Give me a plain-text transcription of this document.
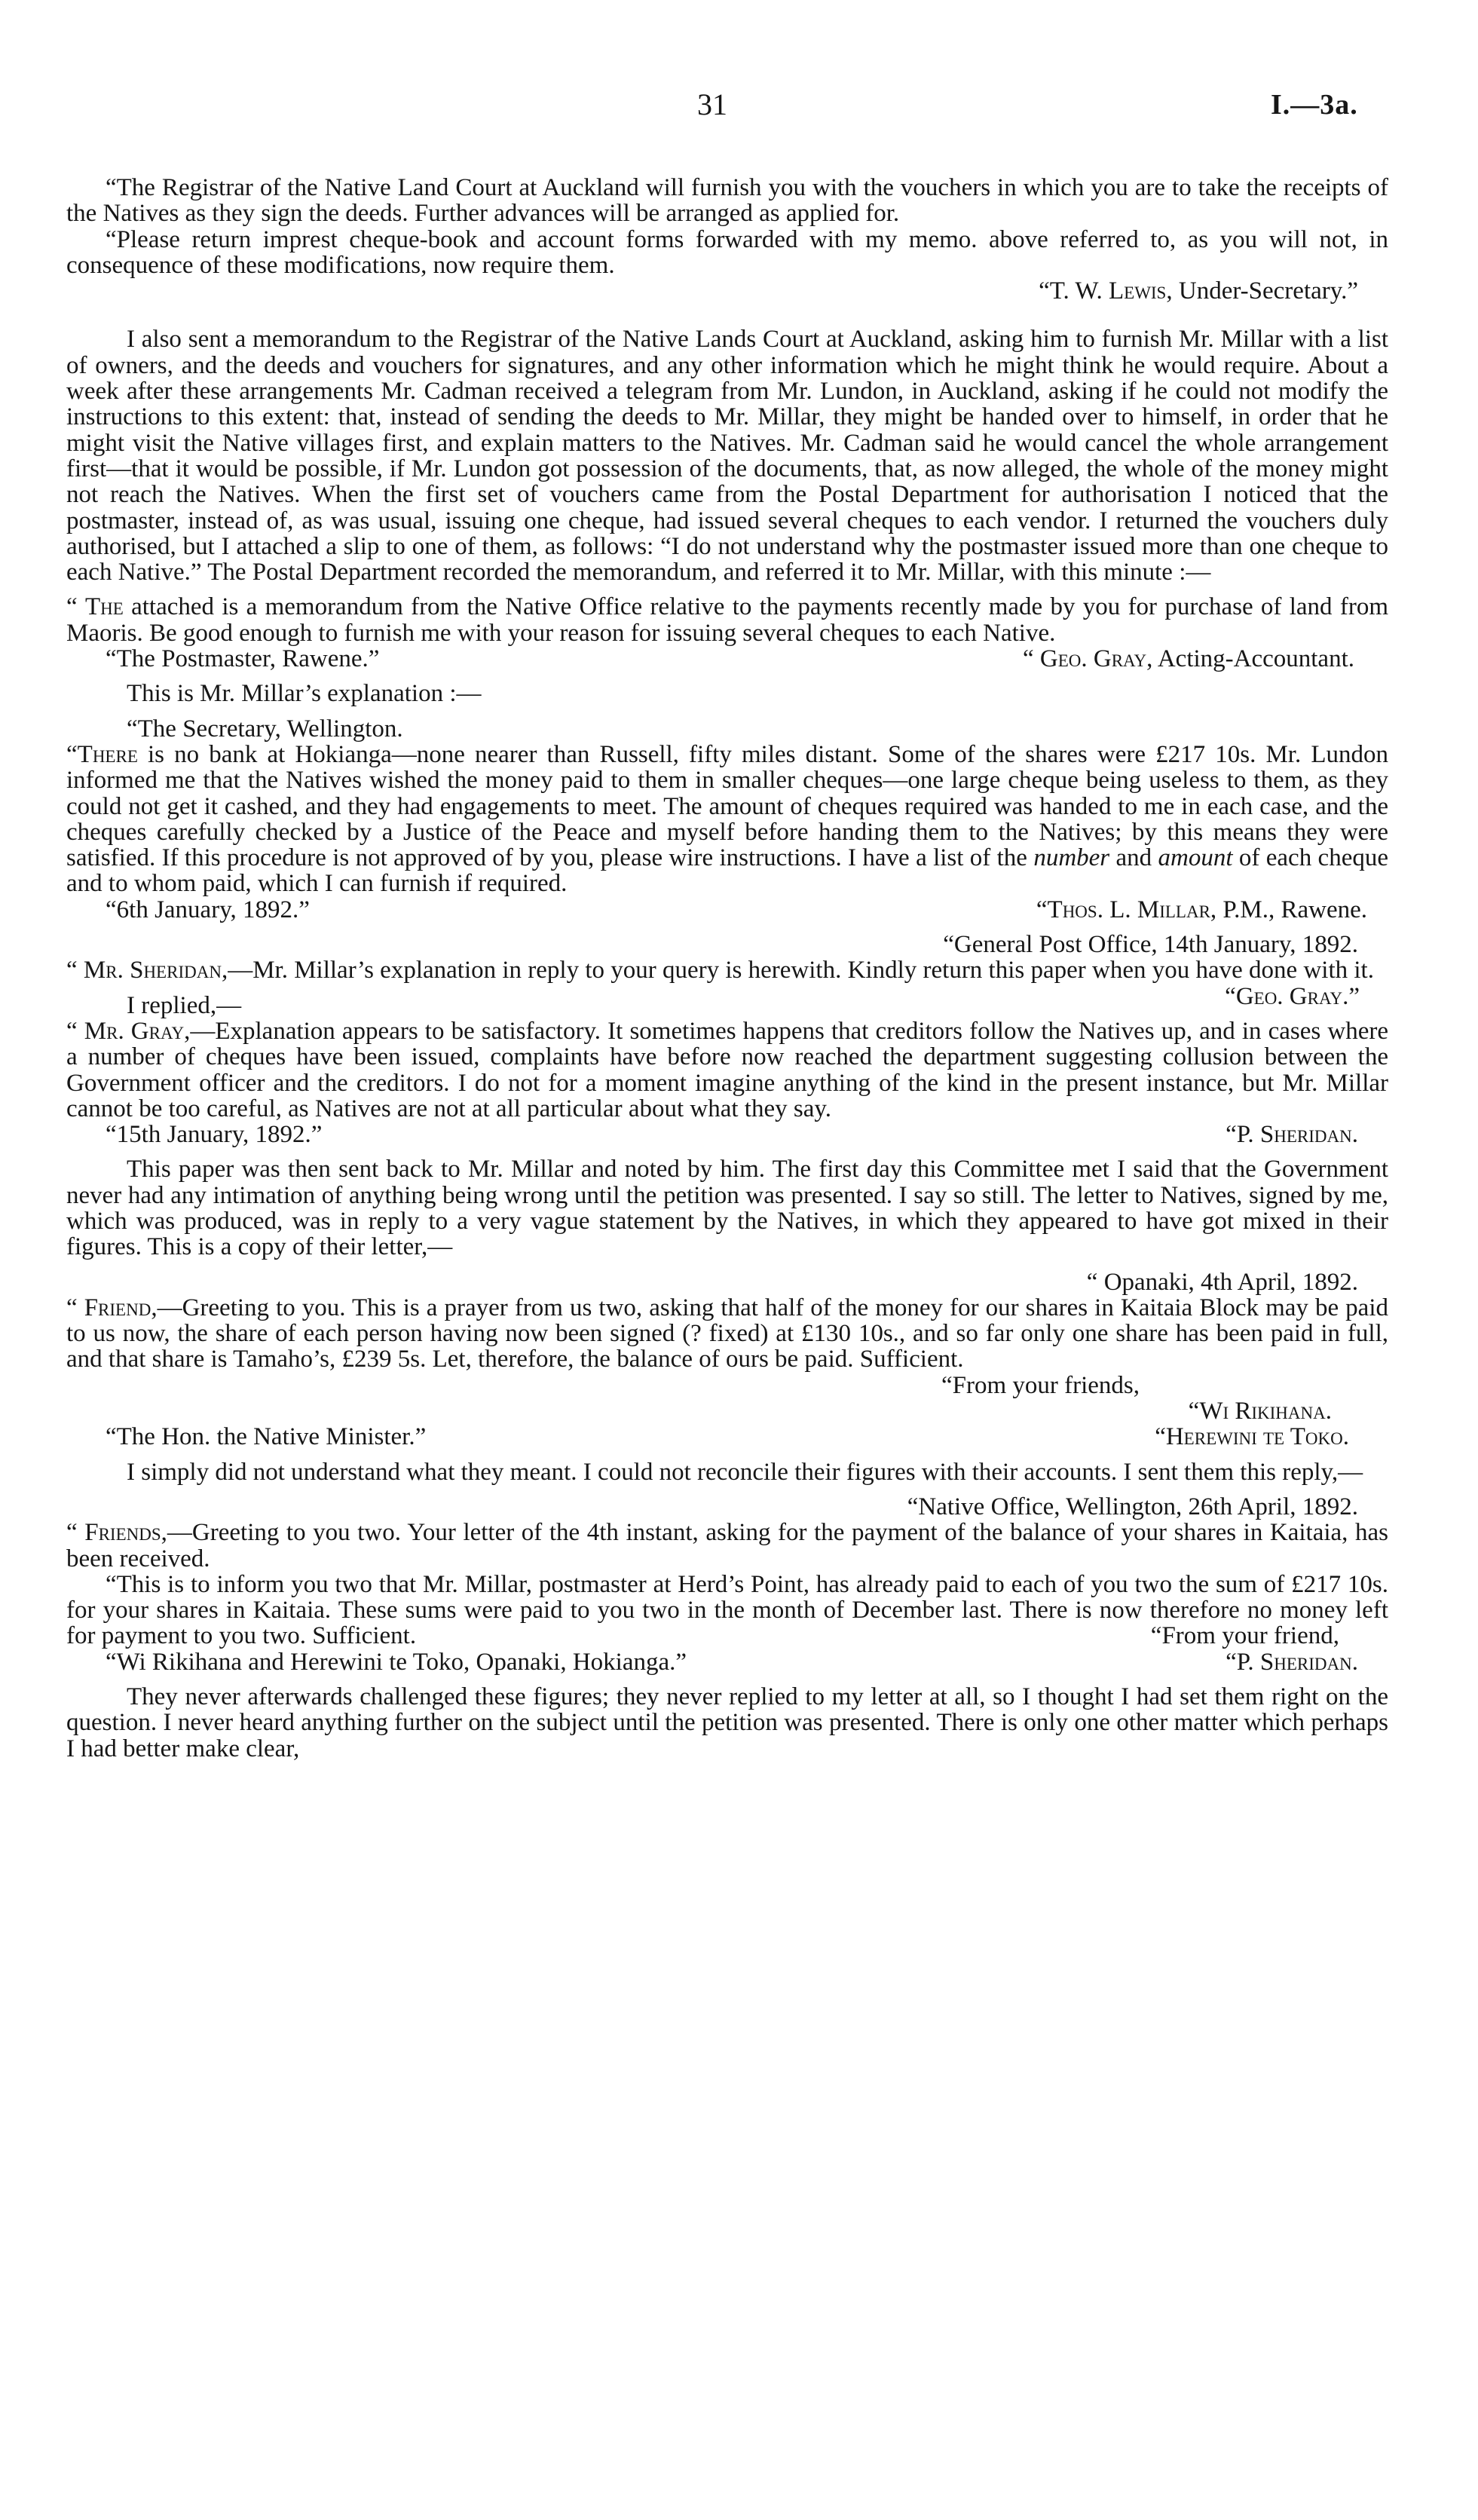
31	I.—3a.

“The Registrar of the Native Land Court at Auckland will furnish you with the vouchers in which you are to take the receipts of the Natives as they sign the deeds. Further advances will be arranged as applied for.

“Please return imprest cheque-book and account forms forwarded with my memo. above referred to, as you will not, in consequence of these modifications, now require them.

“T. W. Lewis, Under-Secretary.”

I also sent a memorandum to the Registrar of the Native Lands Court at Auckland, asking him to furnish Mr. Millar with a list of owners, and the deeds and vouchers for signatures, and any other information which he might think he would require. About a week after these arrangements Mr. Cadman received a telegram from Mr. Lundon, in Auckland, asking if he could not modify the instructions to this extent: that, instead of sending the deeds to Mr. Millar, they might be handed over to himself, in order that he might visit the Native villages first, and explain matters to the Natives. Mr. Cadman said he would cancel the whole arrangement first—that it would be possible, if Mr. Lundon got possession of the documents, that, as now alleged, the whole of the money might not reach the Natives. When the first set of vouchers came from the Postal Department for authorisation I noticed that the postmaster, instead of, as was usual, issuing one cheque, had issued several cheques to each vendor. I returned the vouchers duly authorised, but I attached a slip to one of them, as follows: “I do not understand why the postmaster issued more than one cheque to each Native.” The Postal Department recorded the memorandum, and referred it to Mr. Millar, with this minute :—

“ The attached is a memorandum from the Native Office relative to the payments recently made by you for purchase of land from Maoris. Be good enough to furnish me with your reason for issuing several cheques to each Native.

“The Postmaster, Rawene.”	“ Geo. Gray, Acting-Accountant.

This is Mr. Millar’s explanation :—

“The Secretary, Wellington.

“There is no bank at Hokianga—none nearer than Russell, fifty miles distant. Some of the shares were £217 10s. Mr. Lundon informed me that the Natives wished the money paid to them in smaller cheques—one large cheque being useless to them, as they could not get it cashed, and they had engagements to meet. The amount of cheques required was handed to me in each case, and the cheques carefully checked by a Justice of the Peace and myself before handing them to the Natives; by this means they were satisfied. If this procedure is not approved of by you, please wire instructions. I have a list of the number and amount of each cheque and to whom paid, which I can furnish if required.

“6th January, 1892.”	“Thos. L. Millar, P.M., Rawene.

“General Post Office, 14th January, 1892.

“ Mr. Sheridan,—Mr. Millar’s explanation in reply to your query is herewith. Kindly return this paper when you have done with it.
“Geo. Gray.”

I replied,—

“ Mr. Gray,—Explanation appears to be satisfactory. It sometimes happens that creditors follow the Natives up, and in cases where a number of cheques have been issued, complaints have before now reached the department suggesting collusion between the Government officer and the creditors. I do not for a moment imagine anything of the kind in the present instance, but Mr. Millar cannot be too careful, as Natives are not at all particular about what they say.

“15th January, 1892.”	“P. Sheridan.

This paper was then sent back to Mr. Millar and noted by him. The first day this Committee met I said that the Government never had any intimation of anything being wrong until the petition was presented. I say so still. The letter to Natives, signed by me, which was produced, was in reply to a very vague statement by the Natives, in which they appeared to have got mixed in their figures. This is a copy of their letter,—

“ Opanaki, 4th April, 1892.

“ Friend,—Greeting to you. This is a prayer from us two, asking that half of the money for our shares in Kaitaia Block may be paid to us now, the share of each person having now been signed (? fixed) at £130 10s., and so far only one share has been paid in full, and that share is Tamaho’s, £239 5s. Let, therefore, the balance of ours be paid. Sufficient.

“From your friends,

“Wi Rikihana.

“The Hon. the Native Minister.”	“Herewini te Toko.

I simply did not understand what they meant. I could not reconcile their figures with their accounts. I sent them this reply,—

“Native Office, Wellington, 26th April, 1892.

“ Friends,—Greeting to you two. Your letter of the 4th instant, asking for the payment of the balance of your shares in Kaitaia, has been received.

“This is to inform you two that Mr. Millar, postmaster at Herd’s Point, has already paid to each of you two the sum of £217 10s. for your shares in Kaitaia. These sums were paid to you two in the month of December last. There is now therefore no money left for payment to you two. Sufficient.	“From your friend,

“Wi Rikihana and Herewini te Toko, Opanaki, Hokianga.”	“P. Sheridan.

They never afterwards challenged these figures; they never replied to my letter at all, so I thought I had set them right on the question. I never heard anything further on the subject until the petition was presented. There is only one other matter which perhaps I had better make clear,
